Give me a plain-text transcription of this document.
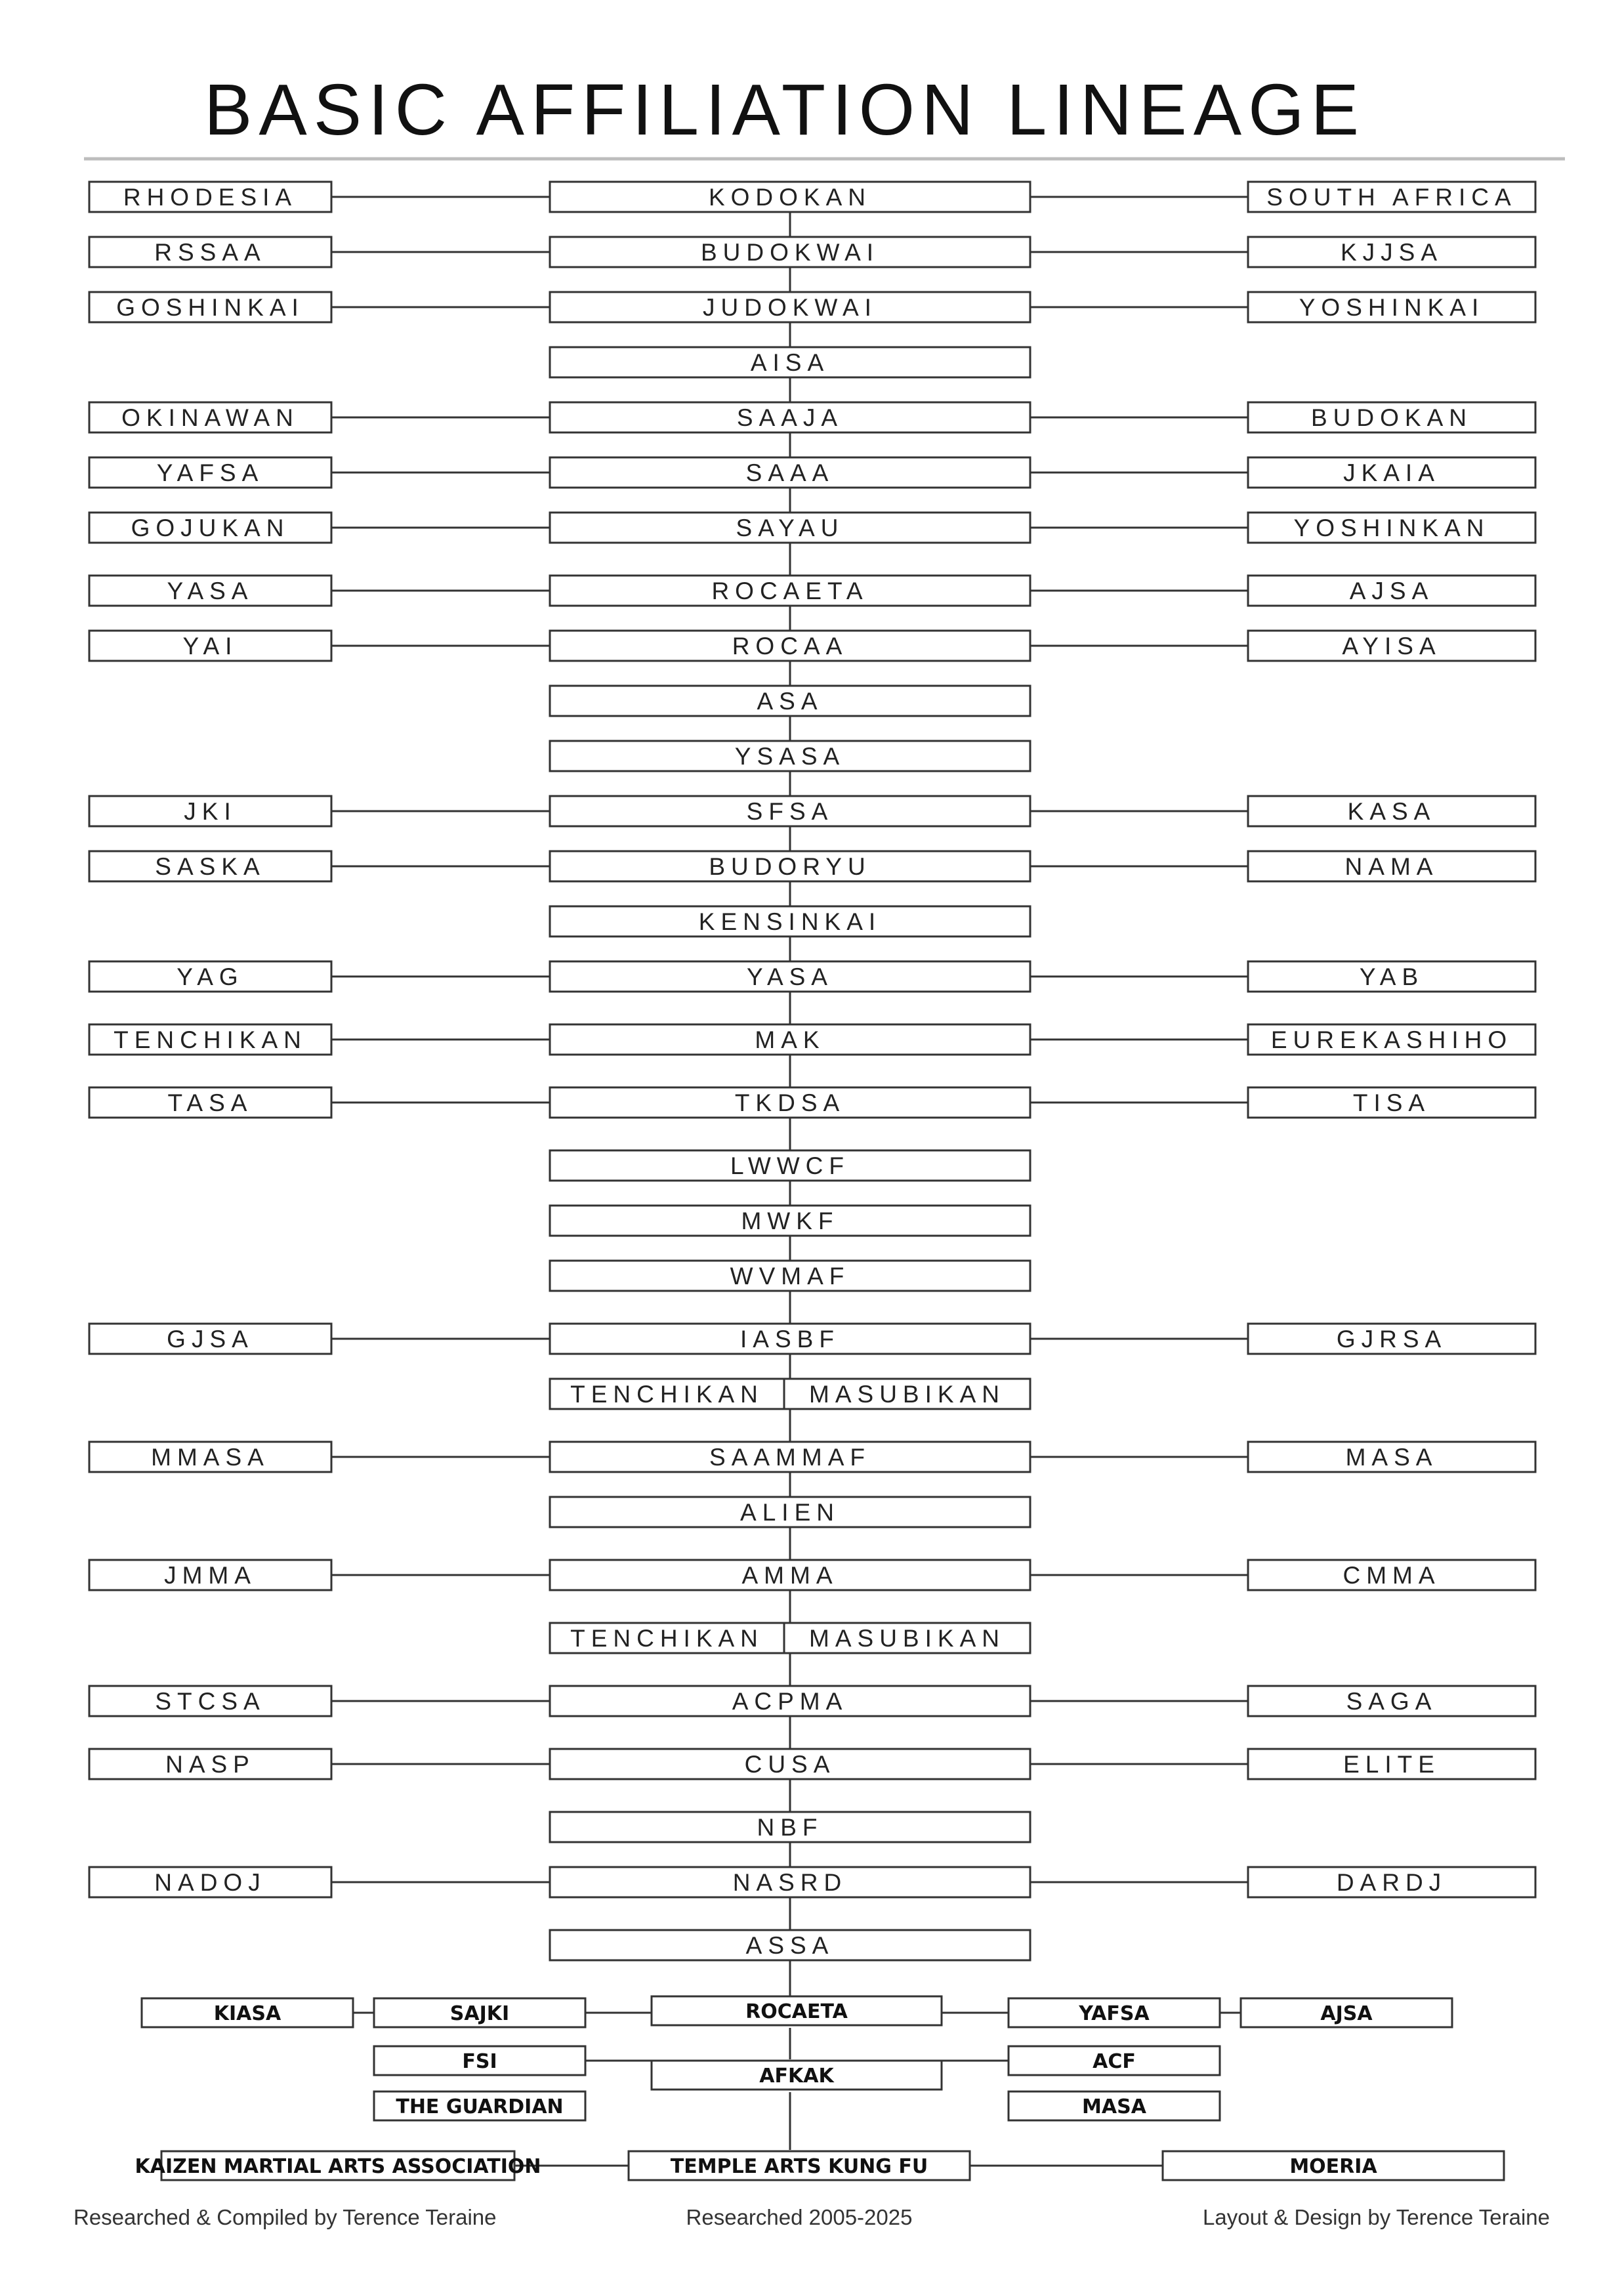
BASIC AFFILIATION LINEAGE
RHODESIA	KODOKAN	SOUTH AFRICA
RSSAA	BUDOKWAI	KJJSA
GOSHINKAI	JUDOKWAI	YOSHINKAI
AISA
OKINAWAN	SAAJA	BUDOKAN
YAFSA	SAAA	JKAIA
GOJUKAN	SAYAU	YOSHINKAN
YASA	ROCAETA	AJSA
YAI	ROCAA	AYISA
ASA
YSASA
JKI	SFSA	KASA
SASKA	BUDORYU	NAMA
KENSINKAI
YAG	YASA	YAB
TENCHIKAN	MAK	EUREKASHIHO
TASA	TKDSA	TISA
LWWCF
MWKF
WVMAF
GJSA	IASBF	GJRSA
TENCHIKAN MASUBIKAN
MMASA	SAAMMAF	MASA
ALIEN
JMMA	AMMA	CMMA
TENCHIKAN MASUBIKAN
STCSA	ACPMA	SAGA
NASP	CUSA	ELITE
NBF
NADOJ	NASRD	DARDJ
ASSA
KIASA	SAJKI	ROCAETA	YAFSA	AJSA
FSI
AFKAK
ACF
THE GUARDIAN	MASA
KAIZEN MARTIAL ARTS ASSOCIATION	TEMPLE ARTS KUNG FU	MOERIA
Researched & Compiled by Terence Teraine	Researched 2005-2025	Layout & Design by Terence Teraine
